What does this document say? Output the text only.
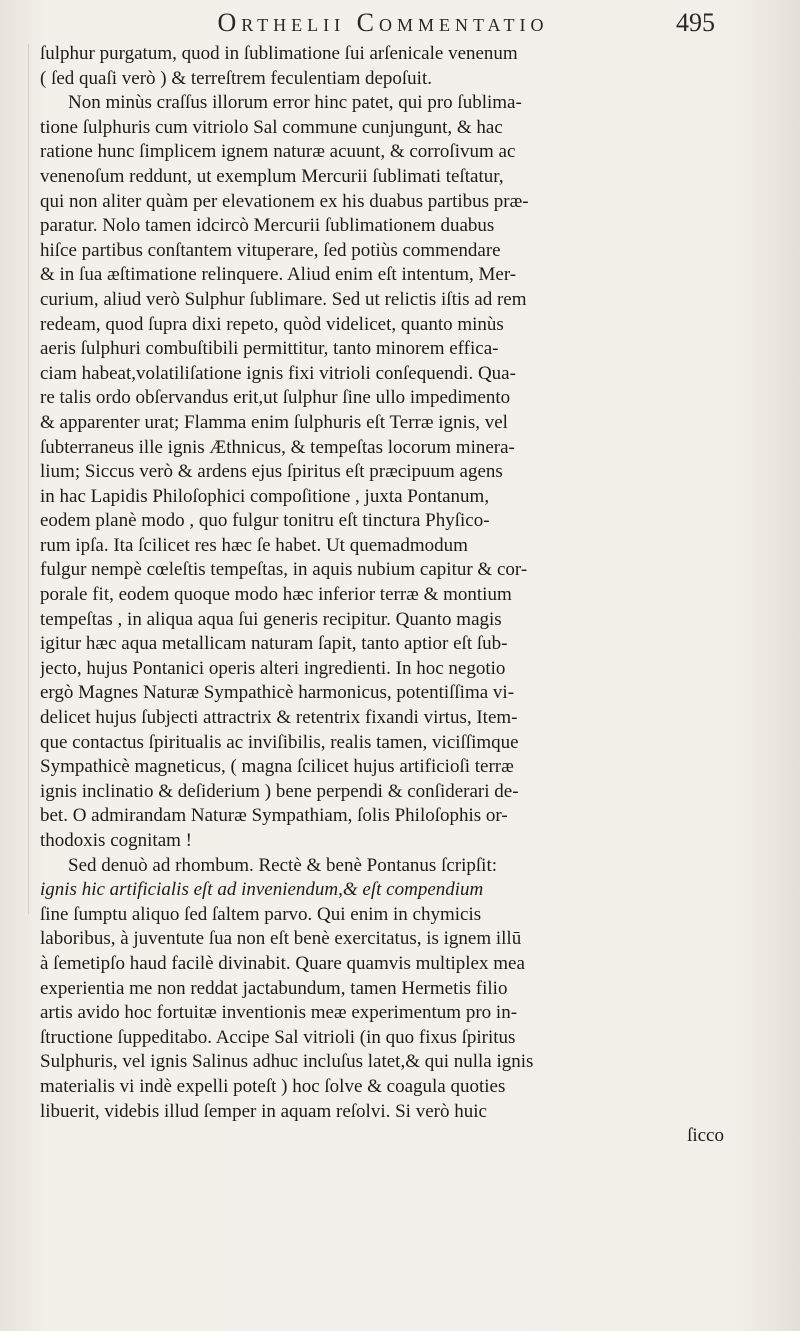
Orthelii Commentatio	495
ſulphur purgatum, quod in ſublimatione ſui arſenicale venenum
( ſed quaſi verò ) & terreſtrem feculentiam depoſuit.
Non minùs craſſus illorum error hinc patet, qui pro ſublima-
tione ſulphuris cum vitriolo Sal commune cunjungunt, & hac
ratione hunc ſimplicem ignem naturæ acuunt, & corroſivum ac
venenoſum reddunt, ut exemplum Mercurii ſublimati teſtatur,
qui non aliter quàm per elevationem ex his duabus partibus præ-
paratur. Nolo tamen idcircò Mercurii ſublimationem duabus
hiſce partibus conſtantem vituperare, ſed potiùs commendare
& in ſua æſtimatione relinquere. Aliud enim eſt intentum, Mer-
curium, aliud verò Sulphur ſublimare. Sed ut relictis iſtis ad rem
redeam, quod ſupra dixi repeto, quòd videlicet, quanto minùs
aeris ſulphuri combuſtibili permittitur, tanto minorem effica-
ciam habeat,volatiliſatione ignis fixi vitrioli conſequendi. Qua-
re talis ordo obſervandus erit,ut ſulphur ſine ullo impedimento
& apparenter urat; Flamma enim ſulphuris eſt Terræ ignis, vel
ſubterraneus ille ignis Æthnicus, & tempeſtas locorum minera-
lium; Siccus verò & ardens ejus ſpiritus eſt præcipuum agens
in hac Lapidis Philoſophici compoſitione , juxta Pontanum,
eodem planè modo , quo fulgur tonitru eſt tinctura Phyſico-
rum ipſa. Ita ſcilicet res hæc ſe habet. Ut quemadmodum
fulgur nempè cœleſtis tempeſtas, in aquis nubium capitur & cor-
porale fit, eodem quoque modo hæc inferior terræ & montium
tempeſtas , in aliqua aqua ſui generis recipitur. Quanto magis
igitur hæc aqua metallicam naturam ſapit, tanto aptior eſt ſub-
jecto, hujus Pontanici operis alteri ingredienti. In hoc negotio
ergò Magnes Naturæ Sympathicè harmonicus, potentiſſima vi-
delicet hujus ſubjecti attractrix & retentrix fixandi virtus, Item-
que contactus ſpiritualis ac inviſibilis, realis tamen, viciſſimque
Sympathicè magneticus, ( magna ſcilicet hujus artificioſi terræ
ignis inclinatio & deſiderium ) bene perpendi & conſiderari de-
bet. O admirandam Naturæ Sympathiam, ſolis Philoſophis or-
thodoxis cognitam !
Sed denuò ad rhombum. Rectè & benè Pontanus ſcripſit:
ignis hic artificialis eſt ad inveniendum,& eſt compendium
ſine ſumptu aliquo ſed ſaltem parvo. Qui enim in chymicis
laboribus, à juventute ſua non eſt benè exercitatus, is ignem illū
à ſemetipſo haud facilè divinabit. Quare quamvis multiplex mea
experientia me non reddat jactabundum, tamen Hermetis filio
artis avido hoc fortuitæ inventionis meæ experimentum pro in-
ſtructione ſuppeditabo. Accipe Sal vitrioli (in quo fixus ſpiritus
Sulphuris, vel ignis Salinus adhuc incluſus latet,& qui nulla ignis
materialis vi indè expelli poteſt ) hoc ſolve & coagula quoties
libuerit, videbis illud ſemper in aquam reſolvi. Si verò huic
ſicco
